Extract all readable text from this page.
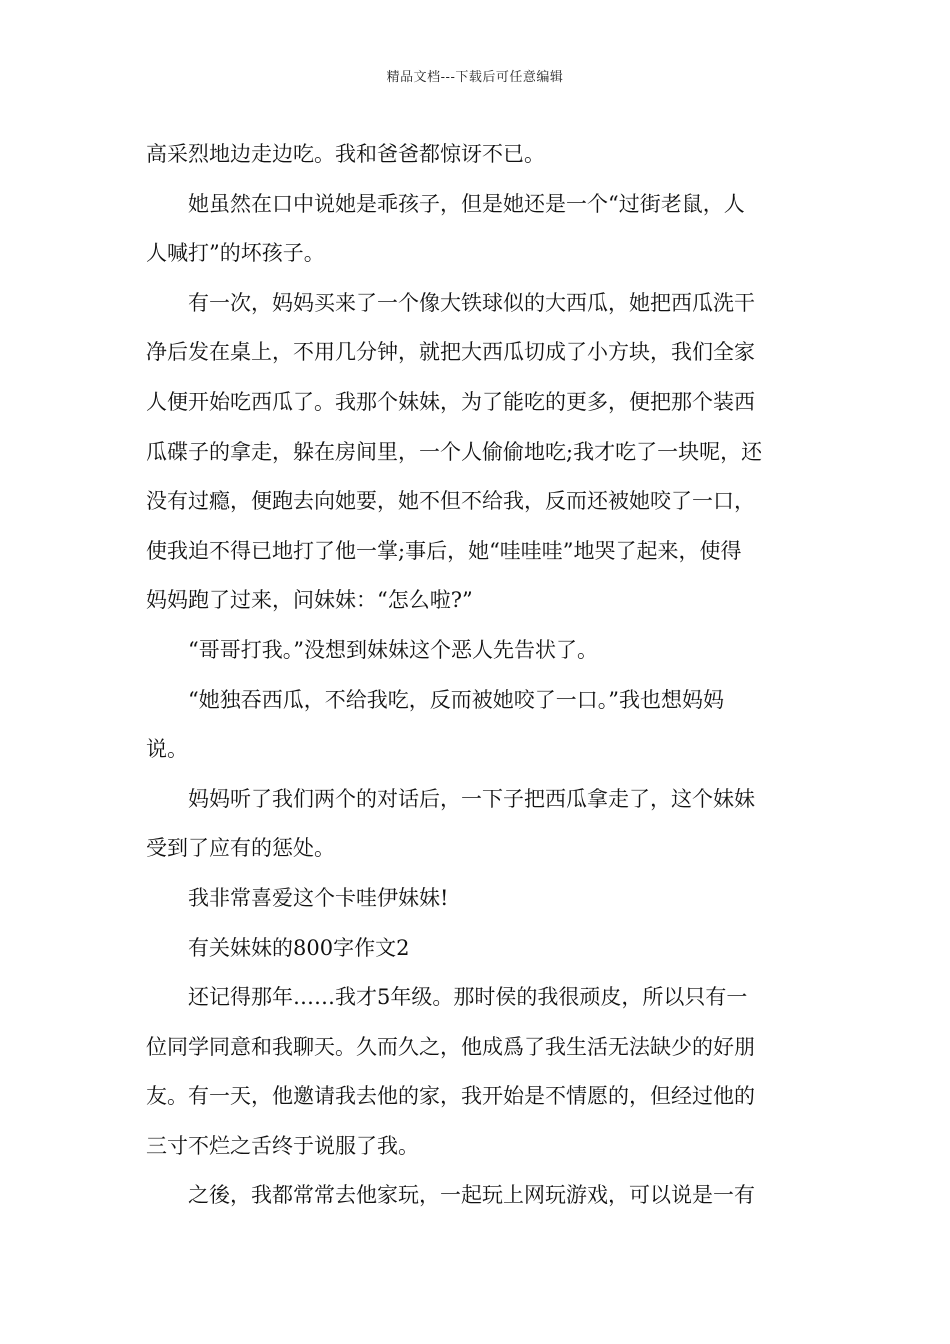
精品文档---下载后可任意编辑
高采烈地边走边吃。我和爸爸都惊讶不已。
她虽然在口中说她是乖孩子，但是她还是一个“过街老鼠，人
人喊打”的坏孩子。
有一次，妈妈买来了一个像大铁球似的大西瓜，她把西瓜洗干
净后发在桌上，不用几分钟，就把大西瓜切成了小方块，我们全家
人便开始吃西瓜了。我那个妹妹，为了能吃的更多，便把那个装西
瓜碟子的拿走，躲在房间里，一个人偷偷地吃;我才吃了一块呢，还
没有过瘾，便跑去向她要，她不但不给我，反而还被她咬了一口，
使我迫不得已地打了他一掌;事后，她“哇哇哇”地哭了起来，使得
妈妈跑了过来，问妹妹：“怎么啦?”
“哥哥打我。”没想到妹妹这个恶人先告状了。
“她独吞西瓜，不给我吃，反而被她咬了一口。”我也想妈妈
说。
妈妈听了我们两个的对话后，一下子把西瓜拿走了，这个妹妹
受到了应有的惩处。
我非常喜爱这个卡哇伊妹妹!
有关妹妹的800字作文2
还记得那年……我才5年级。那时侯的我很顽皮，所以只有一
位同学同意和我聊天。久而久之，他成爲了我生活无法缺少的好朋
友。有一天，他邀请我去他的家，我开始是不情愿的，但经过他的
三寸不烂之舌终于说服了我。
之後，我都常常去他家玩，一起玩上网玩游戏，可以说是一有
